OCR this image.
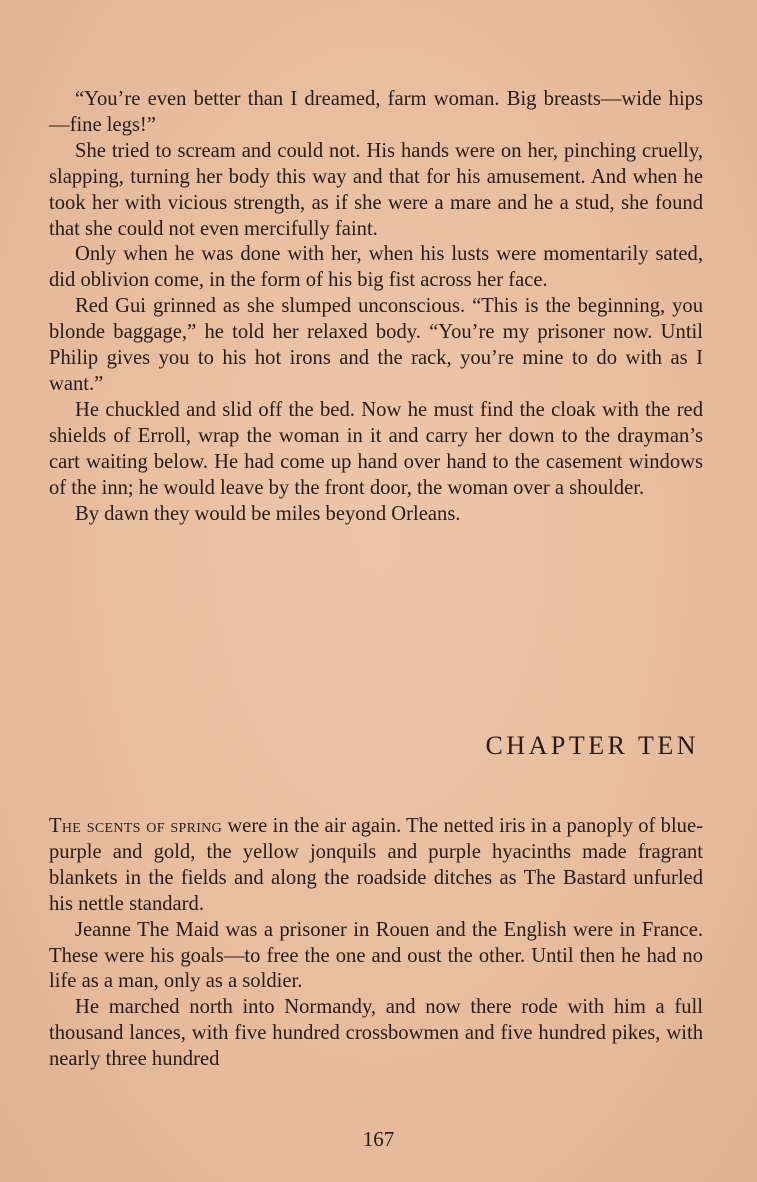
“You’re even better than I dreamed, farm woman. Big breasts—wide hips—fine legs!”

She tried to scream and could not. His hands were on her, pinching cruelly, slapping, turning her body this way and that for his amusement. And when he took her with vicious strength, as if she were a mare and he a stud, she found that she could not even mercifully faint.

Only when he was done with her, when his lusts were momentarily sated, did oblivion come, in the form of his big fist across her face.

Red Gui grinned as she slumped unconscious. “This is the beginning, you blonde baggage,” he told her relaxed body. “You’re my prisoner now. Until Philip gives you to his hot irons and the rack, you’re mine to do with as I want.”

He chuckled and slid off the bed. Now he must find the cloak with the red shields of Erroll, wrap the woman in it and carry her down to the drayman’s cart waiting below. He had come up hand over hand to the casement windows of the inn; he would leave by the front door, the woman over a shoulder.

By dawn they would be miles beyond Orleans.

CHAPTER TEN

The scents of spring were in the air again. The netted iris in a panoply of blue-purple and gold, the yellow jonquils and purple hyacinths made fragrant blankets in the fields and along the roadside ditches as The Bastard unfurled his nettle standard.

Jeanne The Maid was a prisoner in Rouen and the English were in France. These were his goals—to free the one and oust the other. Until then he had no life as a man, only as a soldier.

He marched north into Normandy, and now there rode with him a full thousand lances, with five hundred crossbowmen and five hundred pikes, with nearly three hundred

167
